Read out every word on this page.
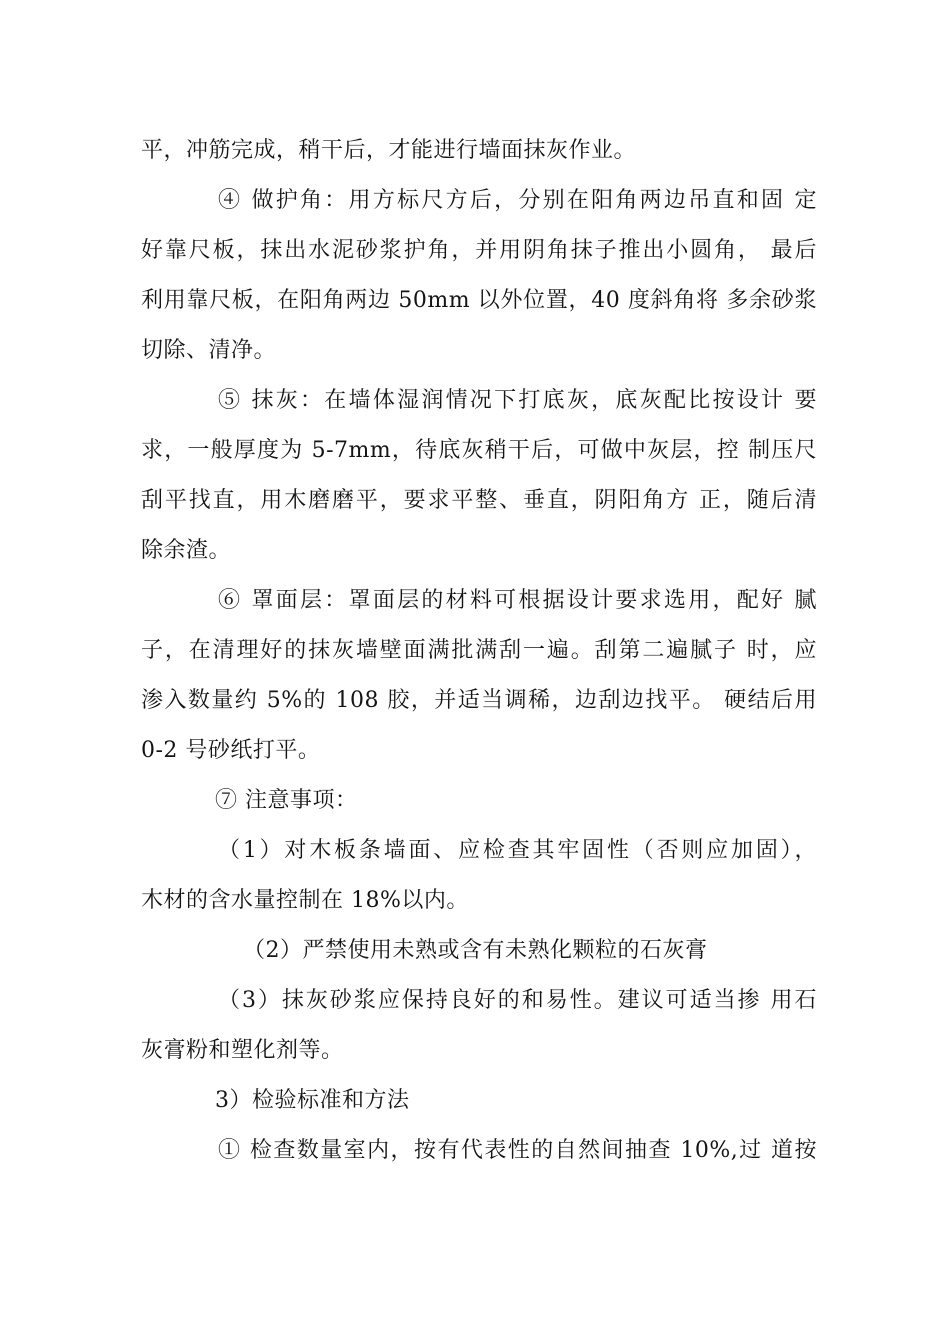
平，冲筋完成，稍干后，才能进行墙面抹灰作业。
④ 做护角：用方标尺方后，分别在阳角两边吊直和固 定
好靠尺板，抹出水泥砂浆护角，并用阴角抹子推出小圆角， 最后
利用靠尺板，在阳角两边 50mm 以外位置，40 度斜角将 多余砂浆
切除、清净。
⑤ 抹灰：在墙体湿润情况下打底灰，底灰配比按设计 要
求，一般厚度为 5-7mm，待底灰稍干后，可做中灰层，控 制压尺
刮平找直，用木磨磨平，要求平整、垂直，阴阳角方 正，随后清
除余渣。
⑥ 罩面层：罩面层的材料可根据设计要求选用，配好 腻
子，在清理好的抹灰墙壁面满批满刮一遍。刮第二遍腻子 时，应
渗入数量约 5%的 108 胶，并适当调稀，边刮边找平。 硬结后用
0-2 号砂纸打平。
⑦ 注意事项：
（1）对木板条墙面、应检查其牢固性（否则应加固），
木材的含水量控制在 18%以内。
（2）严禁使用未熟或含有未熟化颗粒的石灰膏
（3）抹灰砂浆应保持良好的和易性。建议可适当掺 用石
灰膏粉和塑化剂等。
3）检验标准和方法
① 检查数量室内，按有代表性的自然间抽查 10%,过 道按
